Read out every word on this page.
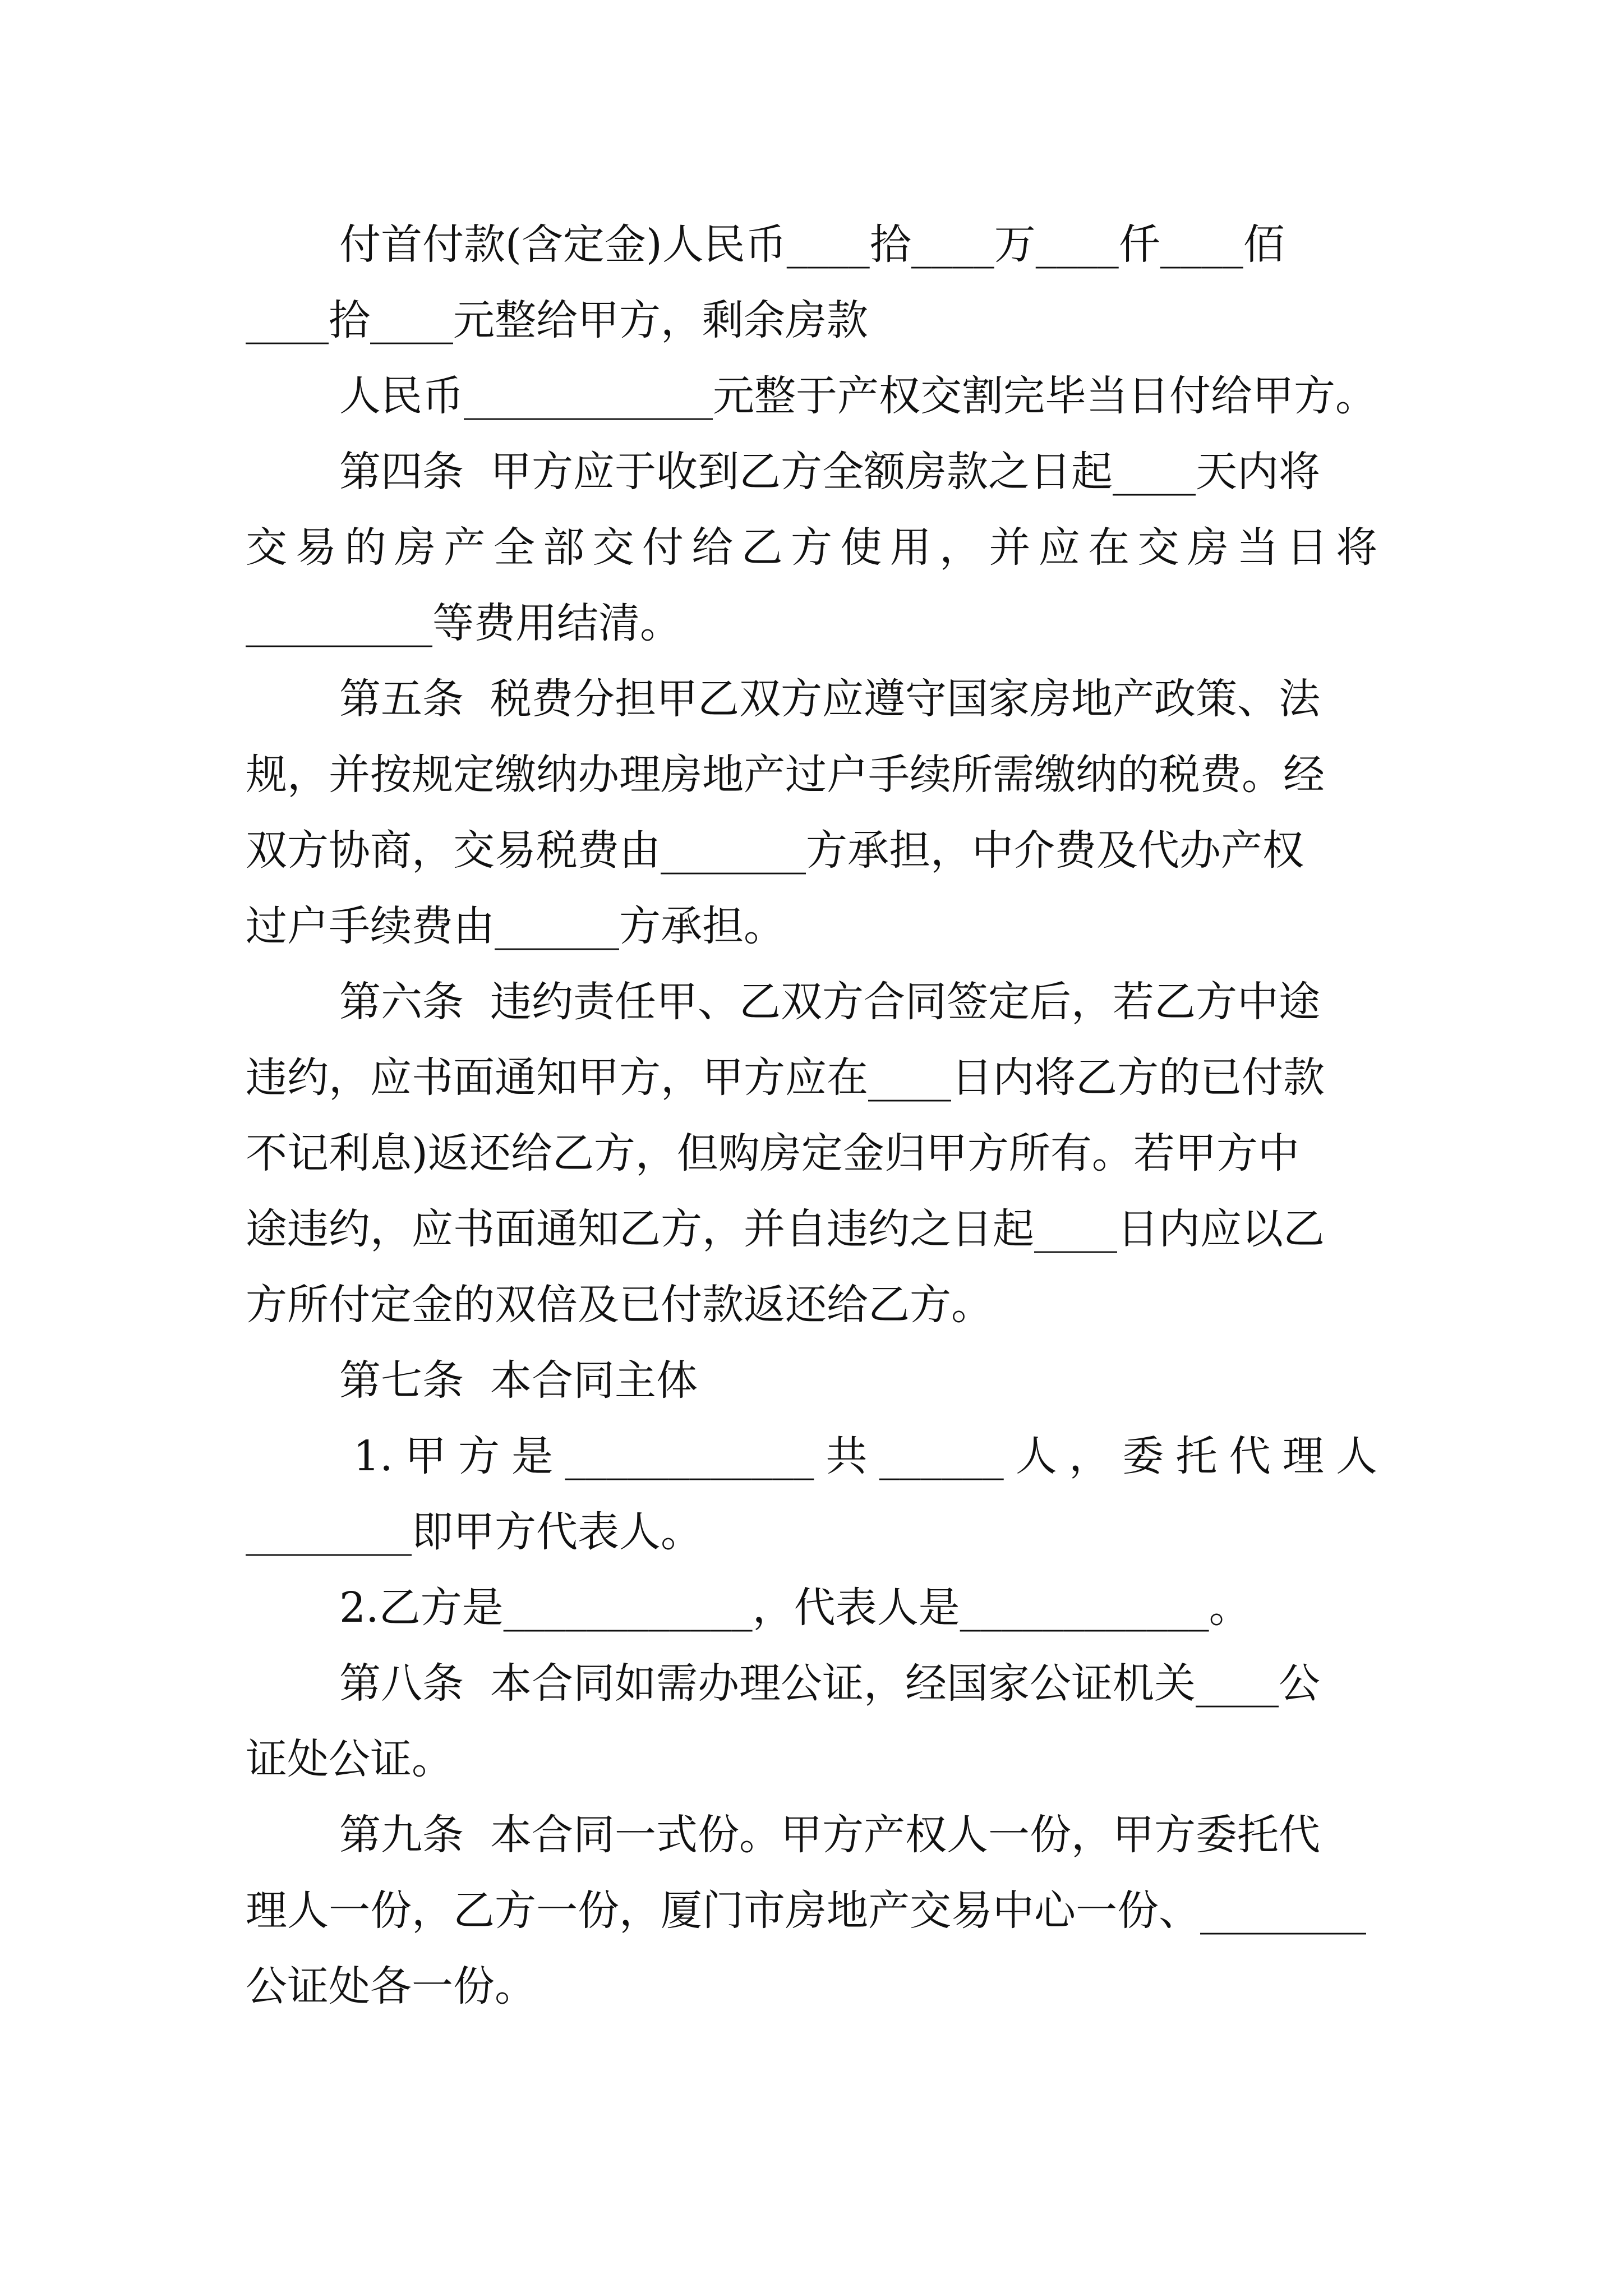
付首付款(含定金)人民币____拾____万____仟____佰

____拾____元整给甲方，剩余房款

人民币____________元整于产权交割完毕当日付给甲方。

第四条  甲方应于收到乙方全额房款之日起____天内将

交易的房产全部交付给乙方使用，并应在交房当日将

_________等费用结清。

第五条  税费分担甲乙双方应遵守国家房地产政策、法

规，并按规定缴纳办理房地产过户手续所需缴纳的税费。经

双方协商，交易税费由_______方承担，中介费及代办产权

过户手续费由______方承担。

第六条  违约责任甲、乙双方合同签定后，若乙方中途

违约，应书面通知甲方，甲方应在____日内将乙方的已付款

不记利息)返还给乙方，但购房定金归甲方所有。若甲方中

途违约，应书面通知乙方，并自违约之日起____日内应以乙

方所付定金的双倍及已付款返还给乙方。

第七条  本合同主体

1.甲方是____________共______人，委托代理人

________即甲方代表人。

2.乙方是____________，代表人是____________。

第八条  本合同如需办理公证，经国家公证机关____公

证处公证。

第九条  本合同一式份。甲方产权人一份，甲方委托代

理人一份，乙方一份，厦门市房地产交易中心一份、________

公证处各一份。
